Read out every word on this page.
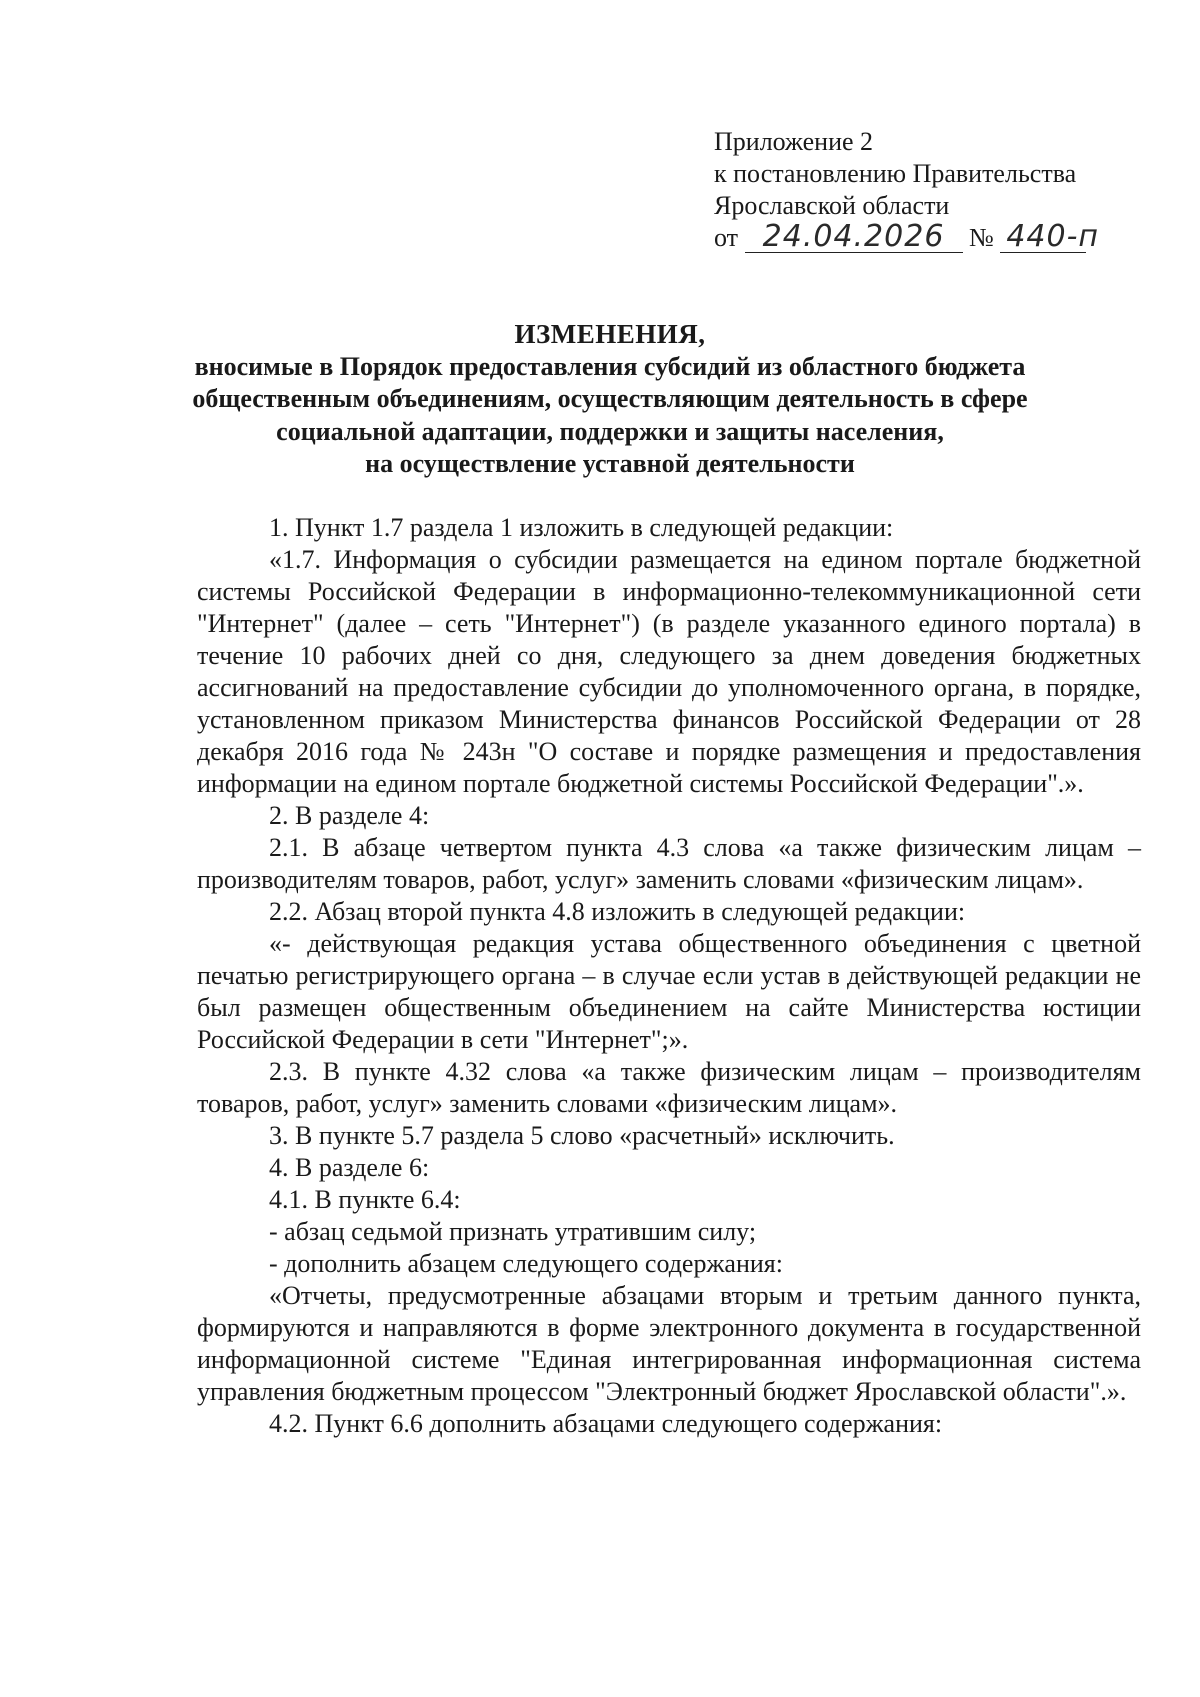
Приложение 2
к постановлению Правительства
Ярославской области
от 24.04.2026 № 440-п
ИЗМЕНЕНИЯ,
вносимые в Порядок предоставления субсидий из областного бюджета
общественным объединениям, осуществляющим деятельность в сфере
социальной адаптации, поддержки и защиты населения,
на осуществление уставной деятельности

1. Пункт 1.7 раздела 1 изложить в следующей редакции:

«1.7. Информация о субсидии размещается на едином портале бюджетной системы Российской Федерации в информационно-телекоммуникационной сети "Интернет" (далее – сеть "Интернет") (в разделе указанного единого портала) в течение 10 рабочих дней со дня, следующего за днем доведения бюджетных ассигнований на предоставление субсидии до уполномоченного органа, в порядке, установленном приказом Министерства финансов Российской Федерации от 28 декабря 2016 года № 243н "О составе и порядке размещения и предоставления информации на едином портале бюджетной системы Российской Федерации".».

2. В разделе 4:

2.1. В абзаце четвертом пункта 4.3 слова «а также физическим лицам – производителям товаров, работ, услуг» заменить словами «физическим лицам».

2.2. Абзац второй пункта 4.8 изложить в следующей редакции:

«- действующая редакция устава общественного объединения с цветной печатью регистрирующего органа – в случае если устав в действующей редакции не был размещен общественным объединением на сайте Министерства юстиции Российской Федерации в сети "Интернет";».

2.3. В пункте 4.32 слова «а также физическим лицам – производителям товаров, работ, услуг» заменить словами «физическим лицам».

3. В пункте 5.7 раздела 5 слово «расчетный» исключить.

4. В разделе 6:

4.1. В пункте 6.4:

- абзац седьмой признать утратившим силу;

- дополнить абзацем следующего содержания:

«Отчеты, предусмотренные абзацами вторым и третьим данного пункта, формируются и направляются в форме электронного документа в государственной информационной системе "Единая интегрированная информационная система управления бюджетным процессом "Электронный бюджет Ярославской области".».

4.2. Пункт 6.6 дополнить абзацами следующего содержания:
